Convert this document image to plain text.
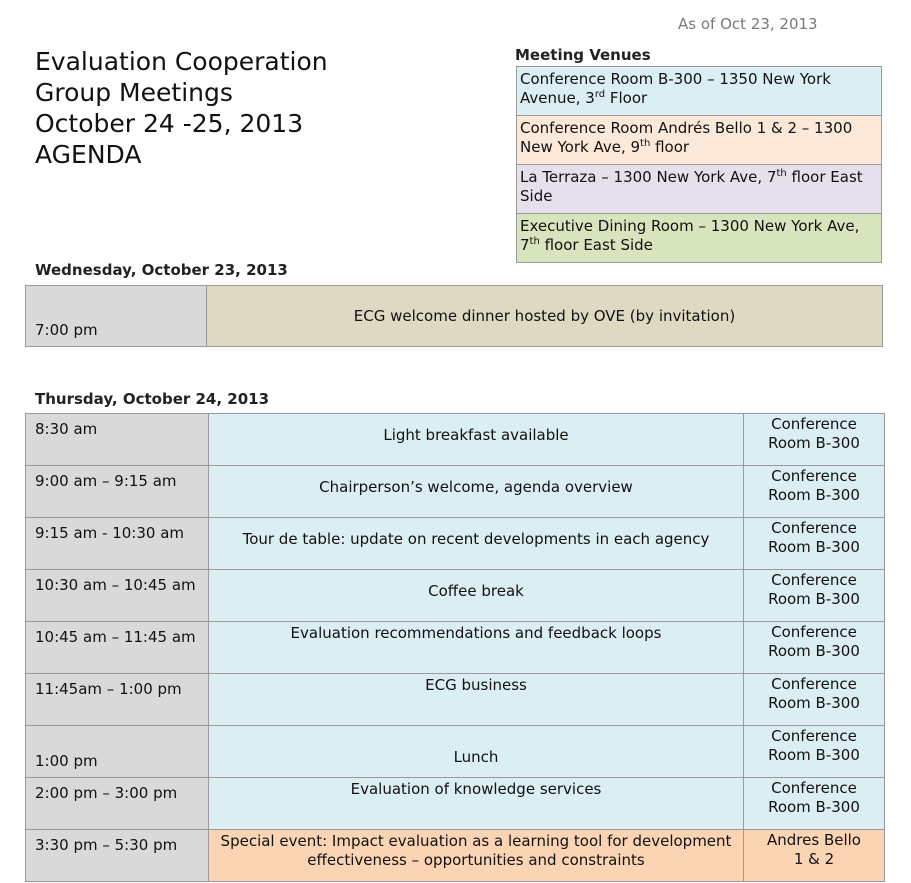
As of Oct 23, 2013
Evaluation Cooperation
Group Meetings
October 24 -25, 2013
AGENDA
Meeting Venues
Conference Room B-300 – 1350 New York Avenue, 3rd Floor
Conference Room Andrés Bello 1 & 2 – 1300 New York Ave, 9th floor
La Terraza – 1300 New York Ave, 7th floor East Side
Executive Dining Room – 1300 New York Ave, 7th floor East Side
Wednesday, October 23, 2013
7:00 pm	ECG welcome dinner hosted by OVE (by invitation)
Thursday, October 24, 2013
8:30 am	Light breakfast available	Conference
Room B-300

9:00 am – 9:15 am	Chairperson’s welcome, agenda overview	Conference
Room B-300

9:15 am - 10:30 am	Tour de table: update on recent developments in each agency	Conference
Room B-300

10:30 am – 10:45 am	Coffee break	Conference
Room B-300

10:45 am – 11:45 am	Evaluation recommendations and feedback loops	Conference
Room B-300

11:45am – 1:00 pm	ECG business	Conference
Room B-300

1:00 pm	Lunch	Conference
Room B-300

2:00 pm – 3:00 pm	Evaluation of knowledge services	Conference
Room B-300

3:30 pm – 5:30 pm	Special event: Impact evaluation as a learning tool for development effectiveness – opportunities and constraints	Andres Bello
1 & 2
